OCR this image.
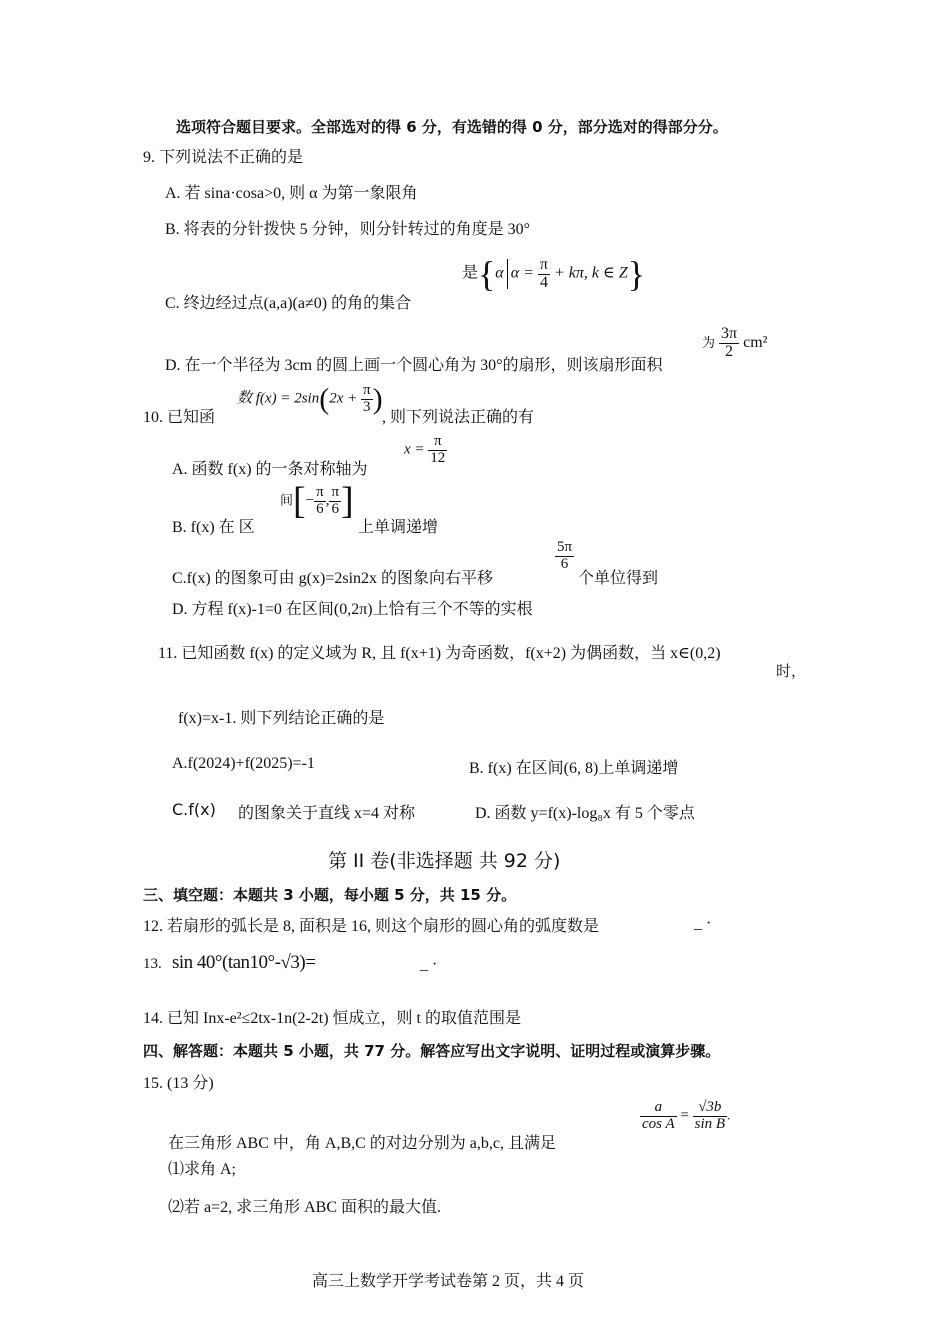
选项符合题目要求。全部选对的得 6 分，有选错的得 0 分，部分选对的得部分分。
9. 下列说法不正确的是
A. 若 sina·cosa>0, 则 α 为第一象限角
B. 将表的分针拨快 5 分钟，则分针转过的角度是 30°
C. 终边经过点(a,a)(a≠0) 的角的集合
是{α $\alpha = \frac{\pi}{4} + k\pi$, k ∈ Z}
D. 在一个半径为 3cm 的圆上画一个圆心角为 30°的扇形，则该扇形面积
为 $\frac{3\pi}{2} cm^2$
10. 已知函
数 $f(x) = 2\sin(2x + \frac{\pi}{3}$ )
, 则下列说法正确的有
A. 函数 f(x) 的一条对称轴为
$x = \frac{\pi}{12}$
B. f(x) 在 区
间[− $\frac{\pi}{6}$ , $\frac{\pi}{6}$ ]
上单调递增
C.f(x) 的图象可由 g(x)=2sin2x 的图象向右平移
$\frac{5\pi}{6}$
个单位得到
D. 方程 f(x)-1=0 在区间(0,2π)上恰有三个不等的实根
11. 已知函数 f(x) 的定义域为 R, 且 f(x+1) 为奇函数，f(x+2) 为偶函数，当 x∈(0,2)
时，
f(x)=x-1. 则下列结论正确的是
A.f(2024)+f(2025)=-1	B. f(x) 在区间(6, 8)上单调递增
C.f(x) 的图象关于直线 x=4 对称	D. 函数 y=f(x)-log₈x 有 5 个零点
第 II 卷(非选择题 共 92 分)
三、填空题：本题共 3 小题，每小题 5 分，共 15 分。
12. 若扇形的弧长是 8, 面积是 16, 则这个扇形的圆心角的弧度数是	_ ·
13. sin 40°(tan10°-√3)=	_ ·
14. 已知 Inx-e²≤2tx-1n(2-2t) 恒成立，则 t 的取值范围是
四、解答题：本题共 5 小题，共 77 分。解答应写出文字说明、证明过程或演算步骤。
15. (13 分)
在三角形 ABC 中，角 A,B,C 的对边分别为 a,b,c, 且满足
$\frac{a}{\text{cos A}} = \frac{√3b}{\text{sin B}}$ .
⑴求角 A;
⑵若 a=2, 求三角形 ABC 面积的最大值.
高三上数学开学考试卷第 2 页，共 4 页
